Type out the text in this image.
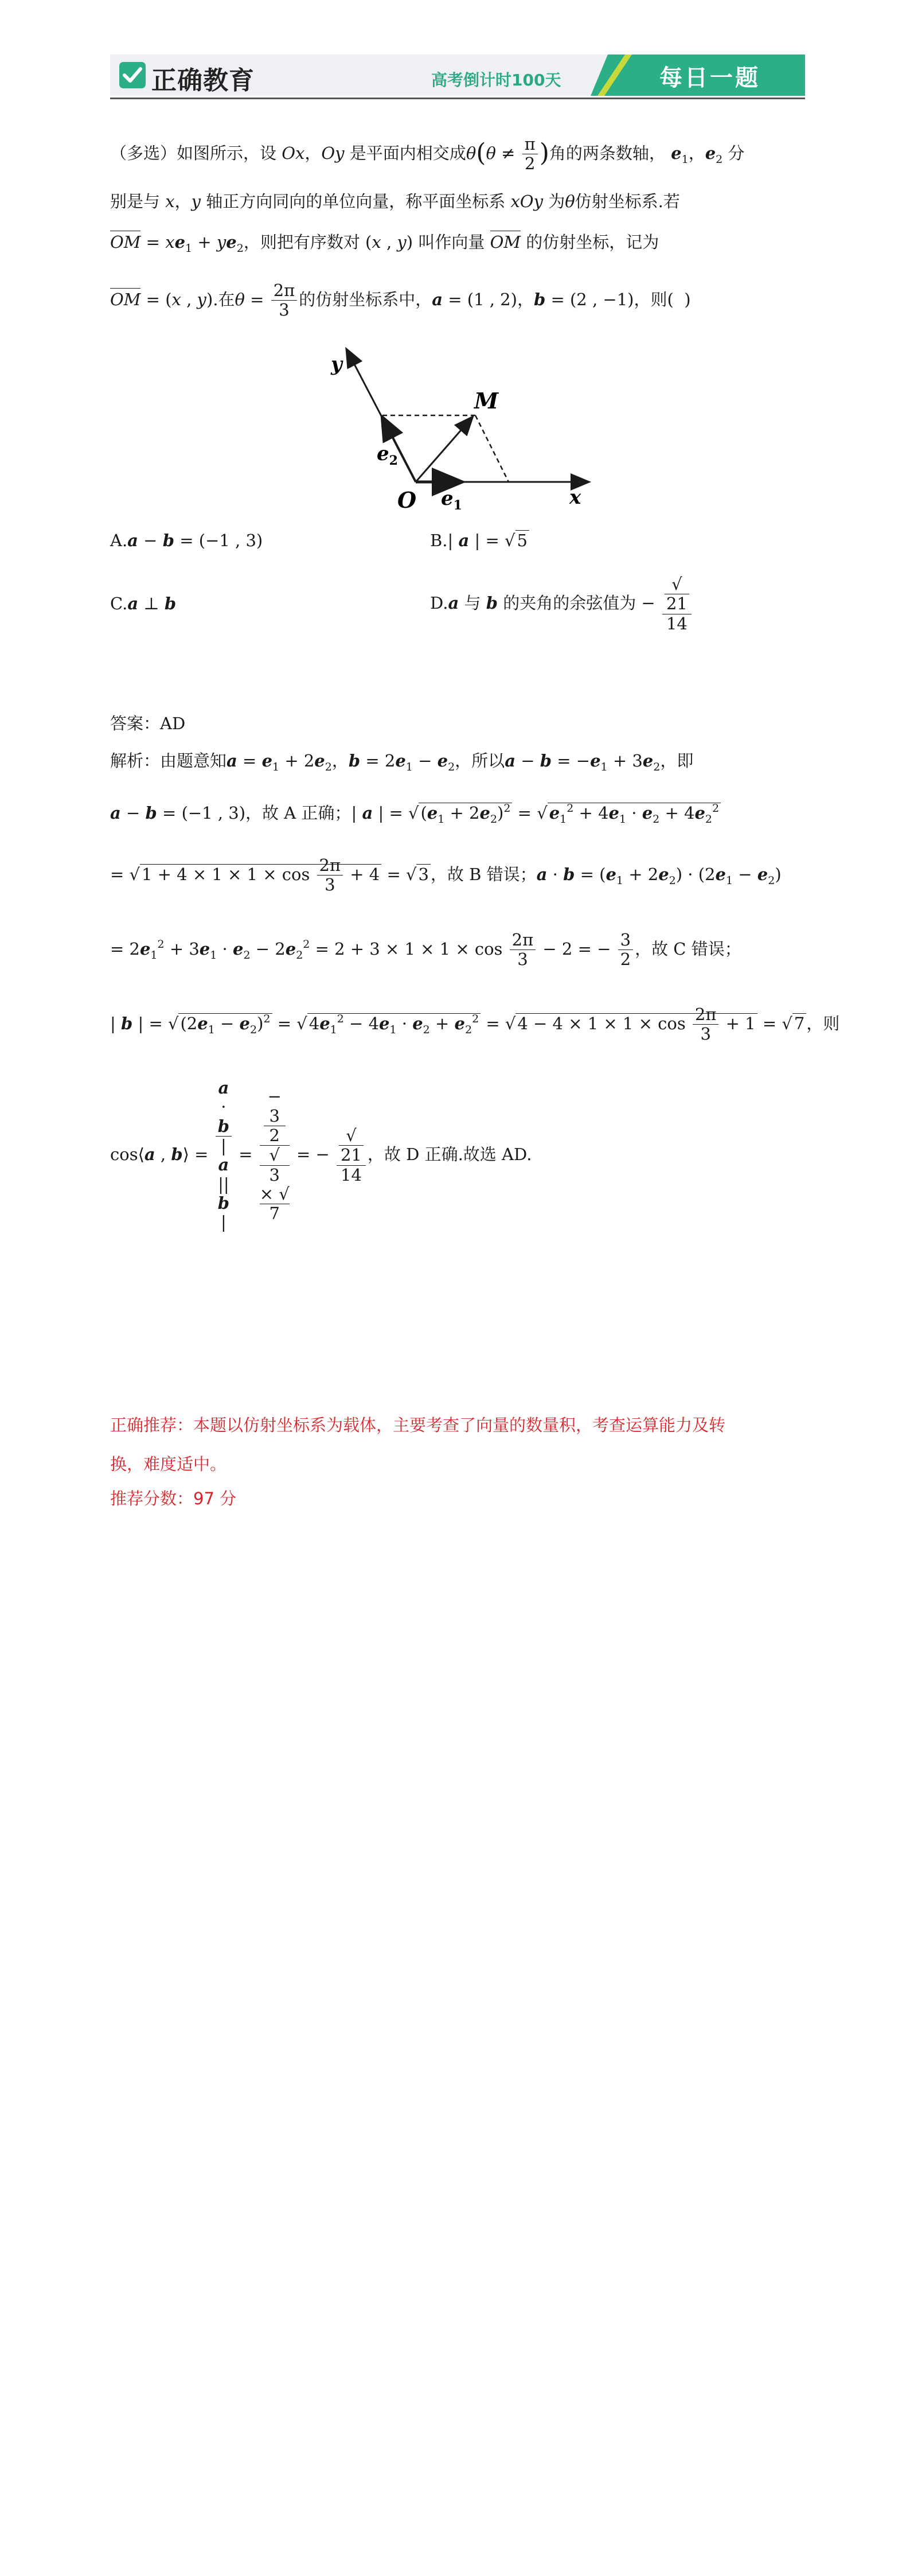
正确教育	高考倒计时100天	每日一题
（多选）如图所示，设 Ox，Oy 是平面内相交成$\theta(\theta \ne \frac{\pi}{2}$ )角的两条数轴， $e_1$，$e_2$ 分
别是与 x，y 轴正方向同向的单位向量，称平面坐标系 xOy 为θ仿射坐标系.若
OM = $xe_1 + ye_2$，则把有序数对 (x , y) 叫作向量 OM 的仿射坐标，记为
OM = (x , y).在$\theta = \frac{2\pi}{3}$ 的仿射坐标系中，a = (1 , 2)，b = (2 , −1)，则( )
y
x
O
M
$e_2$
$e_1$
A.a − b = (−1 , 3)	B.| a | = √ 5
C.a ⊥ b	D.a 与 b 的夹角的余弦值为 − √
21
14
答案：AD
解析：由题意知$a = e_1 + 2e_2$，$b = 2e_1 - e_2$，所以$a - b = -e_1 + 3e_2$，即
a − b = (−1 , 3)，故 A 正确；| a | = √ $(e_1 + 2e_2)^2$ = √ $e_1^2 + 4e_1 \cdot e_2 + 4e_2^2$
= √ $1 + 4 \times 1 \times 1 \times \cos \frac{2\pi}{3} + 4$ = √ 3 ，故 B 错误；$a \cdot b = (e_1 + 2e_2) \cdot (2e_1 - e_2)$
= $2e_1^2 + 3e_1 \cdot e_2 - 2e_2^2 = 2 + 3 \times 1 \times 1 \times \cos \frac{2\pi}{3} - 2$ = − $\frac{3}{2}$ ，故 C 错误；
| b | = √ $(2e_1 - e_2)^2$ = √ $4e_1^2 - 4e_1 \cdot e_2 + e_2^2$ = √ $4 - 4 \times 1 \times 1 \times \cos \frac{2\pi}{3} + 1$ = √ 7 ，则
cos⟨a , b⟩ = a
·
b
|
a
||
b
| = −
3
2
√
3
× √
7 = − √
21
14 ，故 D 正确.故选 AD.
正确推荐：本题以仿射坐标系为载体，主要考查了向量的数量积，考查运算能力及转
换，难度适中。
推荐分数：97 分
